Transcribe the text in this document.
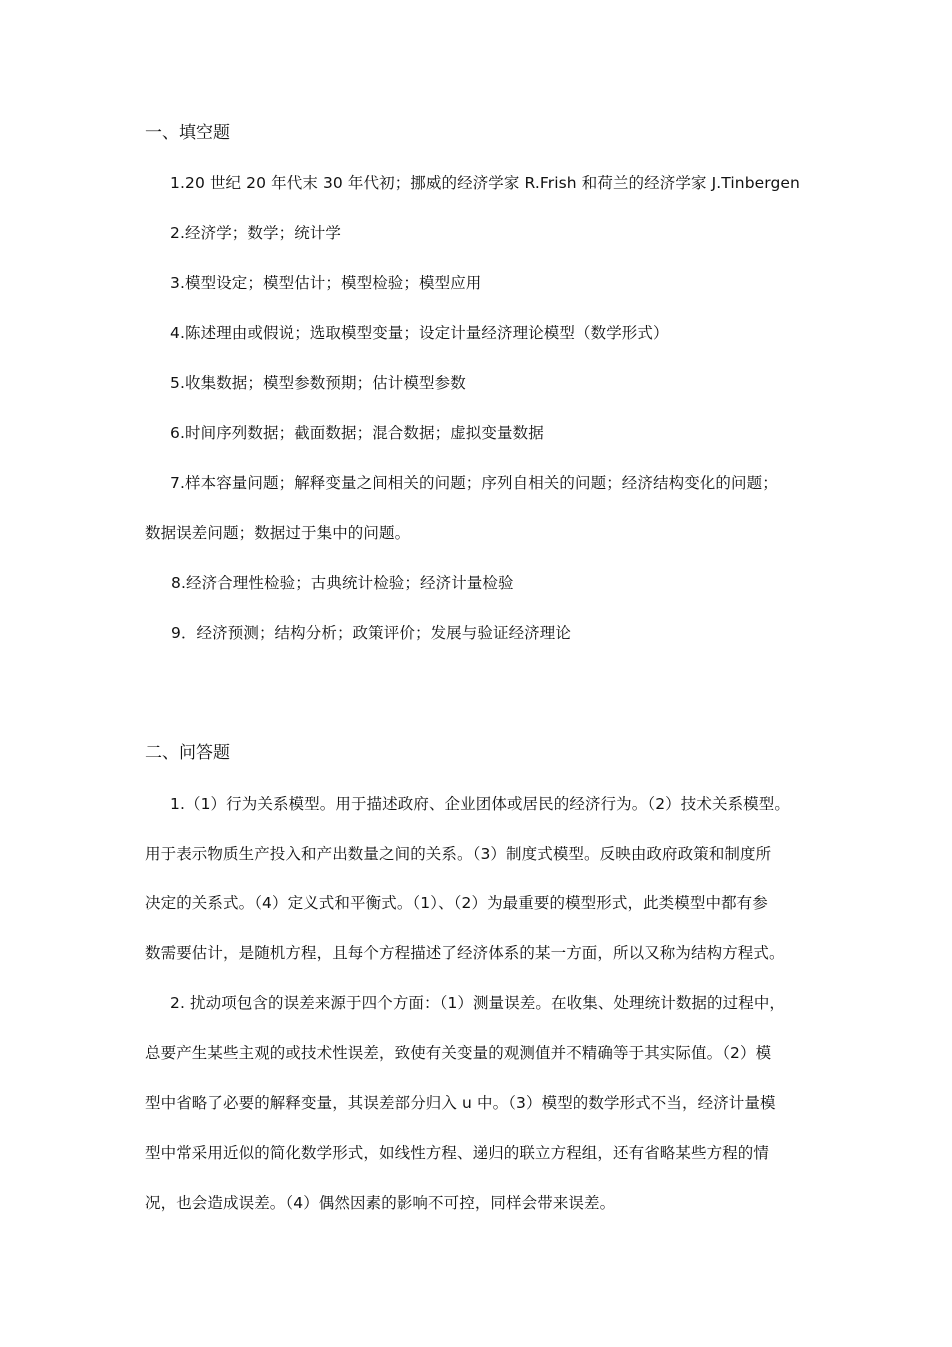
一、填空题
1.20 世纪 20 年代末 30 年代初；挪威的经济学家 R.Frish 和荷兰的经济学家 J.Tinbergen
2.经济学；数学；统计学
3.模型设定；模型估计；模型检验；模型应用
4.陈述理由或假说；选取模型变量；设定计量经济理论模型（数学形式）
5.收集数据；模型参数预期；估计模型参数
6.时间序列数据；截面数据；混合数据；虚拟变量数据
7.样本容量问题；解释变量之间相关的问题；序列自相关的问题；经济结构变化的问题；
数据误差问题；数据过于集中的问题。
8.经济合理性检验；古典统计检验；经济计量检验
9．经济预测；结构分析；政策评价；发展与验证经济理论
二、问答题
1.（1）行为关系模型。用于描述政府、企业团体或居民的经济行为。（2）技术关系模型。
用于表示物质生产投入和产出数量之间的关系。（3）制度式模型。反映由政府政策和制度所
决定的关系式。（4）定义式和平衡式。（1）、（2）为最重要的模型形式，此类模型中都有参
数需要估计，是随机方程，且每个方程描述了经济体系的某一方面，所以又称为结构方程式。
2. 扰动项包含的误差来源于四个方面：（1）测量误差。在收集、处理统计数据的过程中，
总要产生某些主观的或技术性误差，致使有关变量的观测值并不精确等于其实际值。（2）模
型中省略了必要的解释变量，其误差部分归入 u 中。（3）模型的数学形式不当，经济计量模
型中常采用近似的简化数学形式，如线性方程、递归的联立方程组，还有省略某些方程的情
况，也会造成误差。（4）偶然因素的影响不可控，同样会带来误差。
